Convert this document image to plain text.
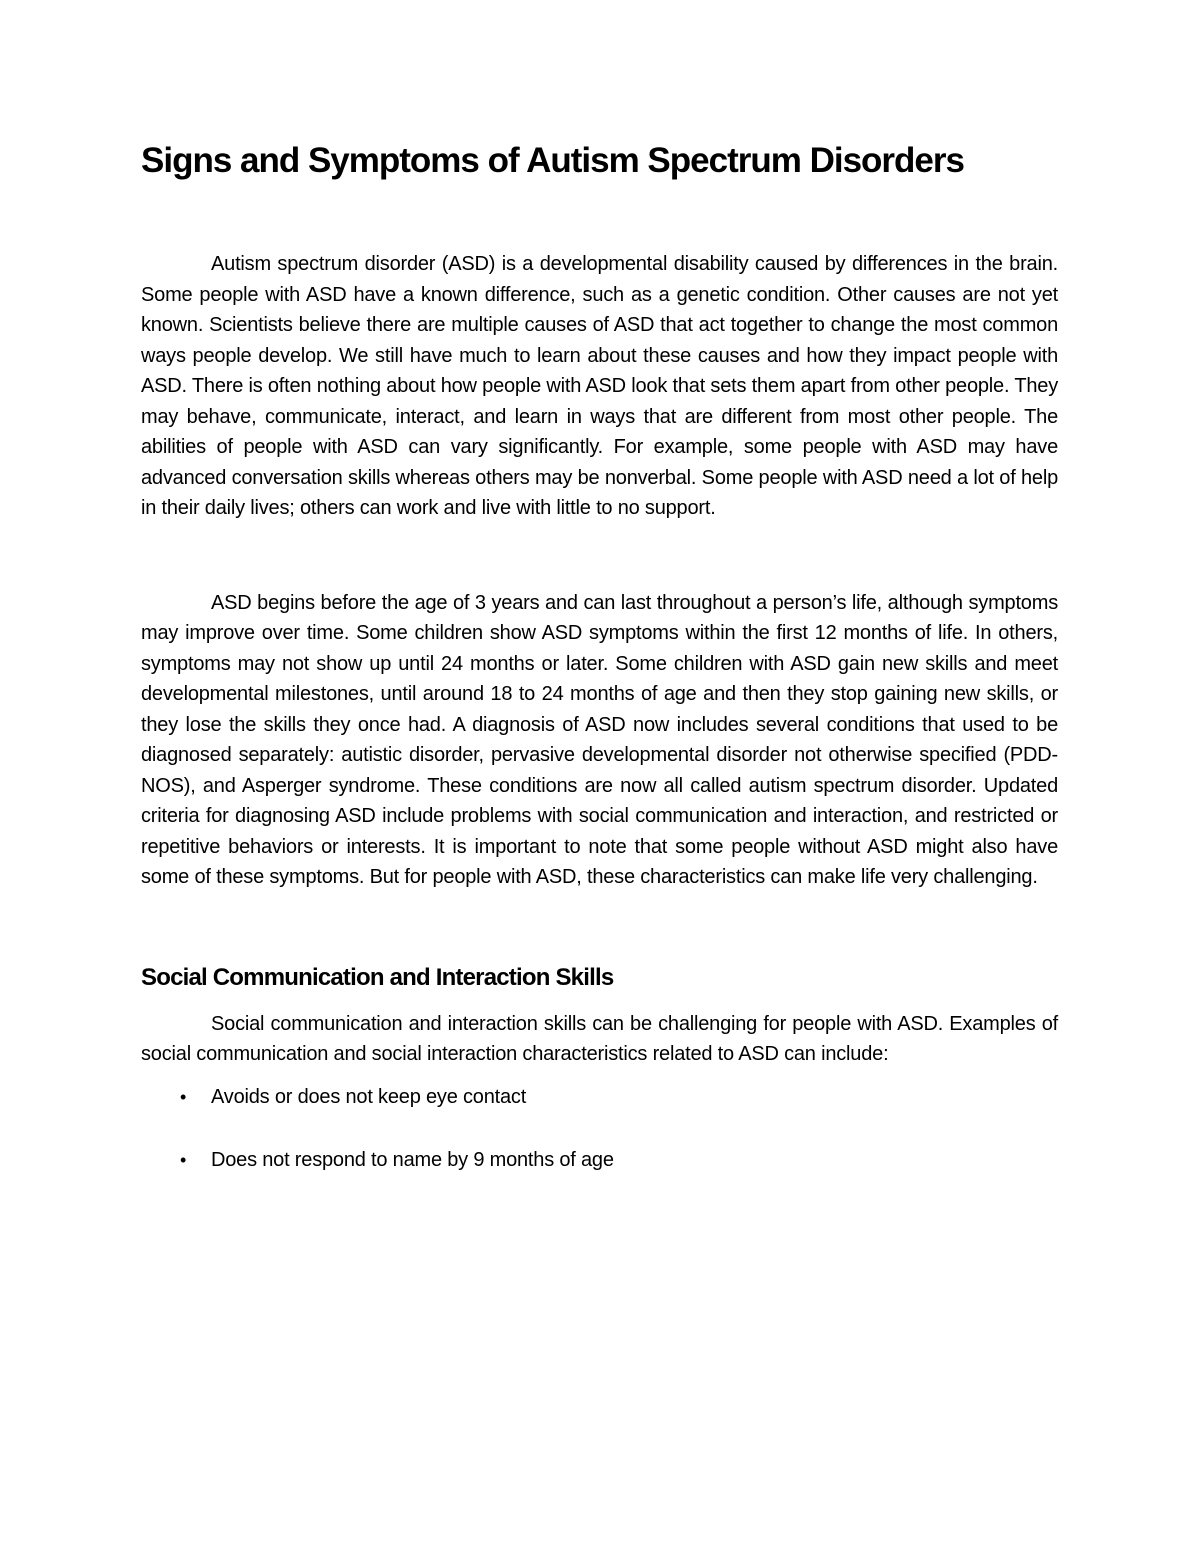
Signs and Symptoms of Autism Spectrum Disorders

Autism spectrum disorder (ASD) is a developmental disability caused by differences in the brain. Some people with ASD have a known difference, such as a genetic condition. Other causes are not yet known. Scientists believe there are multiple causes of ASD that act together to change the most common ways people develop. We still have much to learn about these causes and how they impact people with ASD. There is often nothing about how people with ASD look that sets them apart from other people. They may behave, communicate, interact, and learn in ways that are different from most other people. The abilities of people with ASD can vary significantly. For example, some people with ASD may have advanced conversation skills whereas others may be nonverbal. Some people with ASD need a lot of help in their daily lives; others can work and live with little to no support.

ASD begins before the age of 3 years and can last throughout a person’s life, although symptoms may improve over time. Some children show ASD symptoms within the first 12 months of life. In others, symptoms may not show up until 24 months or later. Some children with ASD gain new skills and meet developmental milestones, until around 18 to 24 months of age and then they stop gaining new skills, or they lose the skills they once had. A diagnosis of ASD now includes several conditions that used to be diagnosed separately: autistic disorder, pervasive developmental disorder not otherwise specified (PDD-NOS), and Asperger syndrome. These conditions are now all called autism spectrum disorder. Updated criteria for diagnosing ASD include problems with social communication and interaction, and restricted or repetitive behaviors or interests. It is important to note that some people without ASD might also have some of these symptoms. But for people with ASD, these characteristics can make life very challenging.

Social Communication and Interaction Skills

Social communication and interaction skills can be challenging for people with ASD. Examples of social communication and social interaction characteristics related to ASD can include:

• Avoids or does not keep eye contact
• Does not respond to name by 9 months of age
